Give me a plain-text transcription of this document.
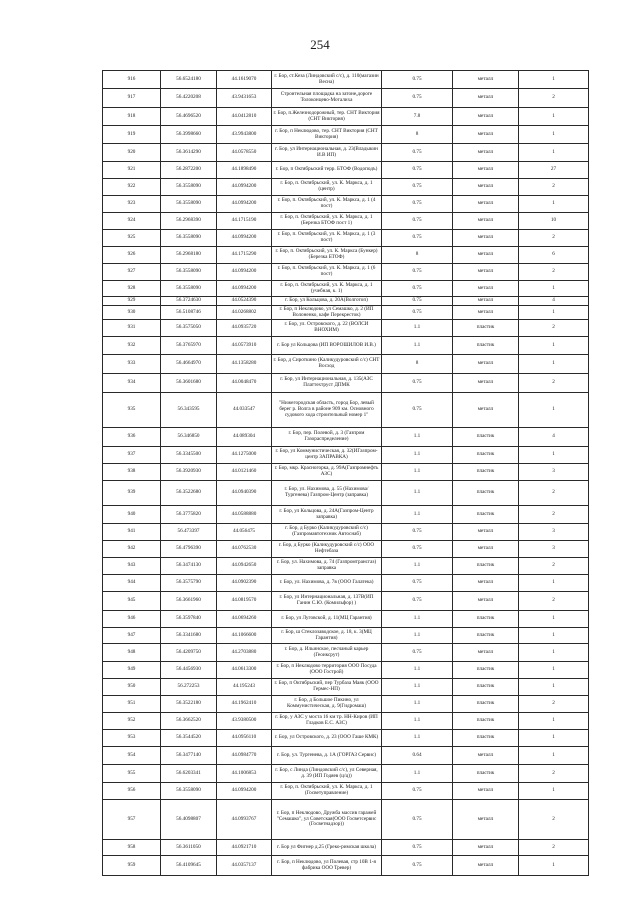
254
916	56.6524180	44.1619070	г. Бор, ст.Кеза (Линдовский с/с), д. 110(магазин Весна)	0.75	металл	1
917	56.4220208	43.9431653	Строительная площадка на затоне,дороге Толоконцево-Моталиха	0.75	металл	2
918	56.4696520	44.0412810	г. Бор, п.Железнодорожный, тер. СНТ Виктория (СНТ Виктория)	7.8	металл	1
919	56.3998660	43.9943800	г. Бор, п Неклюдово, тер. СНТ Виктория (СНТ Виктория)	8	металл	1
920	56.3614290	44.0578550	г. Бор, ул Интернациональная, д. 23(Владыкин И.В ИП)	0.75	металл	1
921	56.2872200	44.1898490	г. Бор, п Октябрьский терр. БТОФ (Водоподъ)	0.75	металл	27
922	56.3558090	44.0994200	г. Бор, п. Октябрьский, ул. К. Маркса, д. 1 (центр)	0.75	металл	2
923	56.3558090	44.0994200	г. Бор, п. Октябрьский, ул. К. Маркса, д. 1 (4 пост)	0.75	металл	1
924	56.2968390	44.1715190	г. Бор, п. Октябрьский, ул. К. Маркса, д. 1 (Березка БТОФ пост 1)	0.75	металл	10
925	56.3558090	44.0994200	г. Бор, п. Октябрьский, ул. К. Маркса, д. 1 (3 пост)	0.75	металл	2
926	56.2968180	44.1715290	г. Бор, п. Октябрьский, ул. К. Маркса (Бункер) (Березка БТОФ)	8	металл	6
927	56.3558090	44.0994200	г. Бор, п. Октябрьский, ул. К. Маркса, д. 1 (6 пост)	0.75	металл	2
928	56.3558090	44.0994200	г. Бор, п. Октябрьский, ул. К. Маркса, д. 1 (учебная, к. 1)	0.75	металл	1
929	56.3724630	44.0524390	г. Бор, ул Кольцова, д. 20А(Волготоп)	0.75	металл	4
930	56.5108746	44.0268802	г. Бор, п Неклюдово, ул Семашко, д. 2 (ИП Волоненко, кафе Перекресток)	0.75	металл	1
931	56.3575050	44.0935720	г. Бор, ул. Островского, д. 22 (ВОЛСИ ВНОХИМ)	1.1	пластик	2
932	56.3765970	44.0573910	г. Бор ул Кольцова (ИП ВОРОШИЛОВ И.В.)	1.1	пластик	1
933	56.4664970	44.1358280	г. Бор, д Сироткино (Каликудуровский с/с) СНТ Восход	8	металл	1
934	56.3601680	44.0048470	г. Бор, ул Интернациональная, д. 135(АЗС Платтехтруст ДПМК	0.75	металл	2
935	56.343595	44.033547	"Нижегородская область, город Бор, левый берег р. Волга в районе 909 км. Основного судового хода строительный номер 1"	0.75	металл	1
936	56.346850	44.089304	г. Бор, пер. Полевой, д. 3 (Газпром Газораспределение)	1.1	пластик	4
937	56.3345500	44.1275000	г. Бор, ул Коммунистическая, д. 32(ИГазпром-центр ЗАПРАВКА)	1.1	пластик	1
938	56.3920930	44.0121460	г. Бор, мкр. Красногорка, д. 99А(Газпромнефть АЗС)	1.1	пластик	3
939	56.3522680	44.0940390	г. Бор, ул. Нахимова, д. 55 (Нахимова/Тургенева) Газпром-Центр (заправка)	1.1	пластик	2
940	56.3775820	44.0588880	г. Бор, ул Кольцова, д. 24А(Газпром-Центр заправка)	1.1	пластик	2
941	56.473397	44.056475	г. Бор, д Бурко (Каликудуровский с/с) (Газпромавтотехник Автоснаб)	0.75	металл	3
942	56.4796390	44.0762530	г. Бор, д Бурко (Каликудуровский с/с) ООО Нефтебаза	0.75	металл	3
943	56.3474130	44.0942650	г. Бор, ул. Нахимова, д. 74 (Газпромтрансгаз) заправка	1.1	пластик	2
944	56.3575790	44.0902390	г. Бор, ул. Нахимова, д. 7в (ООО Галатека)	0.75	металл	1
945	56.3661960	44.0819570	г. Бор, ул Интернациональная, д. 137В(ИП Ганин С.Ю. (Комильфор) )	0.75	металл	2
946	56.3597840	44.0694260	г. Бор, ул Луговской, д. 11(МЦ Гарантия)	1.1	пластик	1
947	56.3341680	44.1066600	г. Бор, ш Стеклозаводское, д. 18, к. 3(МЦ Гарантия)	1.1	пластик	1
948	56.4209750	44.2703880	г. Бор, д. Ильинское, песчаный карьер (Геоиксрут)	0.75	металл	1
949	56.4456930	44.0613300	г. Бор, п Неклюдово территория ООО Посуда (ООО Гострой)	1.1	пластик	1
950	56.272253	44.195243	г. Бор, п Октябрьский, пер Турбаза Маяк (ООО Гермес-НП)	1.1	пластик	1
951	56.3522180	44.1962410	г. Бор, д Большое Пикино, ул Коммунистическая, д. 9(Гидромаш)	1.1	пластик	2
952	56.3662520	43.9380500	г. Бор, у АЗС у моста 16 км тр. НН-Киров (ИП Гладков Е.С. АЗС)	1.1	пластик	1
953	56.3544520	44.0956110	г. Бор, ул Островского, д. 23 (ООО Гаше КМК)	1.1	пластик	1
954	56.3477140	44.0984770	г. Бор, ул. Тургенева, д. 1А (ГОРГАЗ Сервис)	0.64	металл	1
955	56.6203341	44.1006853	г. Бор, с Линда (Линдовский с/с), ул Северная, д. 39 (ИП Годяев (ц/ц))	1.1	пластик	2
956	56.3558090	44.0994200	г. Бор, п. Октябрьский, ул. К. Маркса, д. 1 (Госветуправление)	0.75	металл	1
957	56.4098807	44.0993767	г. Бор, п Неклюдово, Дружба массив гаражей "Семашко", ул Советская(ООО Госветсервис (Госветнадзор))	0.75	металл	2
958	56.3611050	44.0921710	г. Бор ул Фигнер д.25 (Греко-римская школа)	0.75	металл	2
959	56.4109645	44.0357137	г. Бор, п Неклюдово, ул Полевая, стр 10В 1-я фабрика ООО Тревер)	0.75	металл	1
